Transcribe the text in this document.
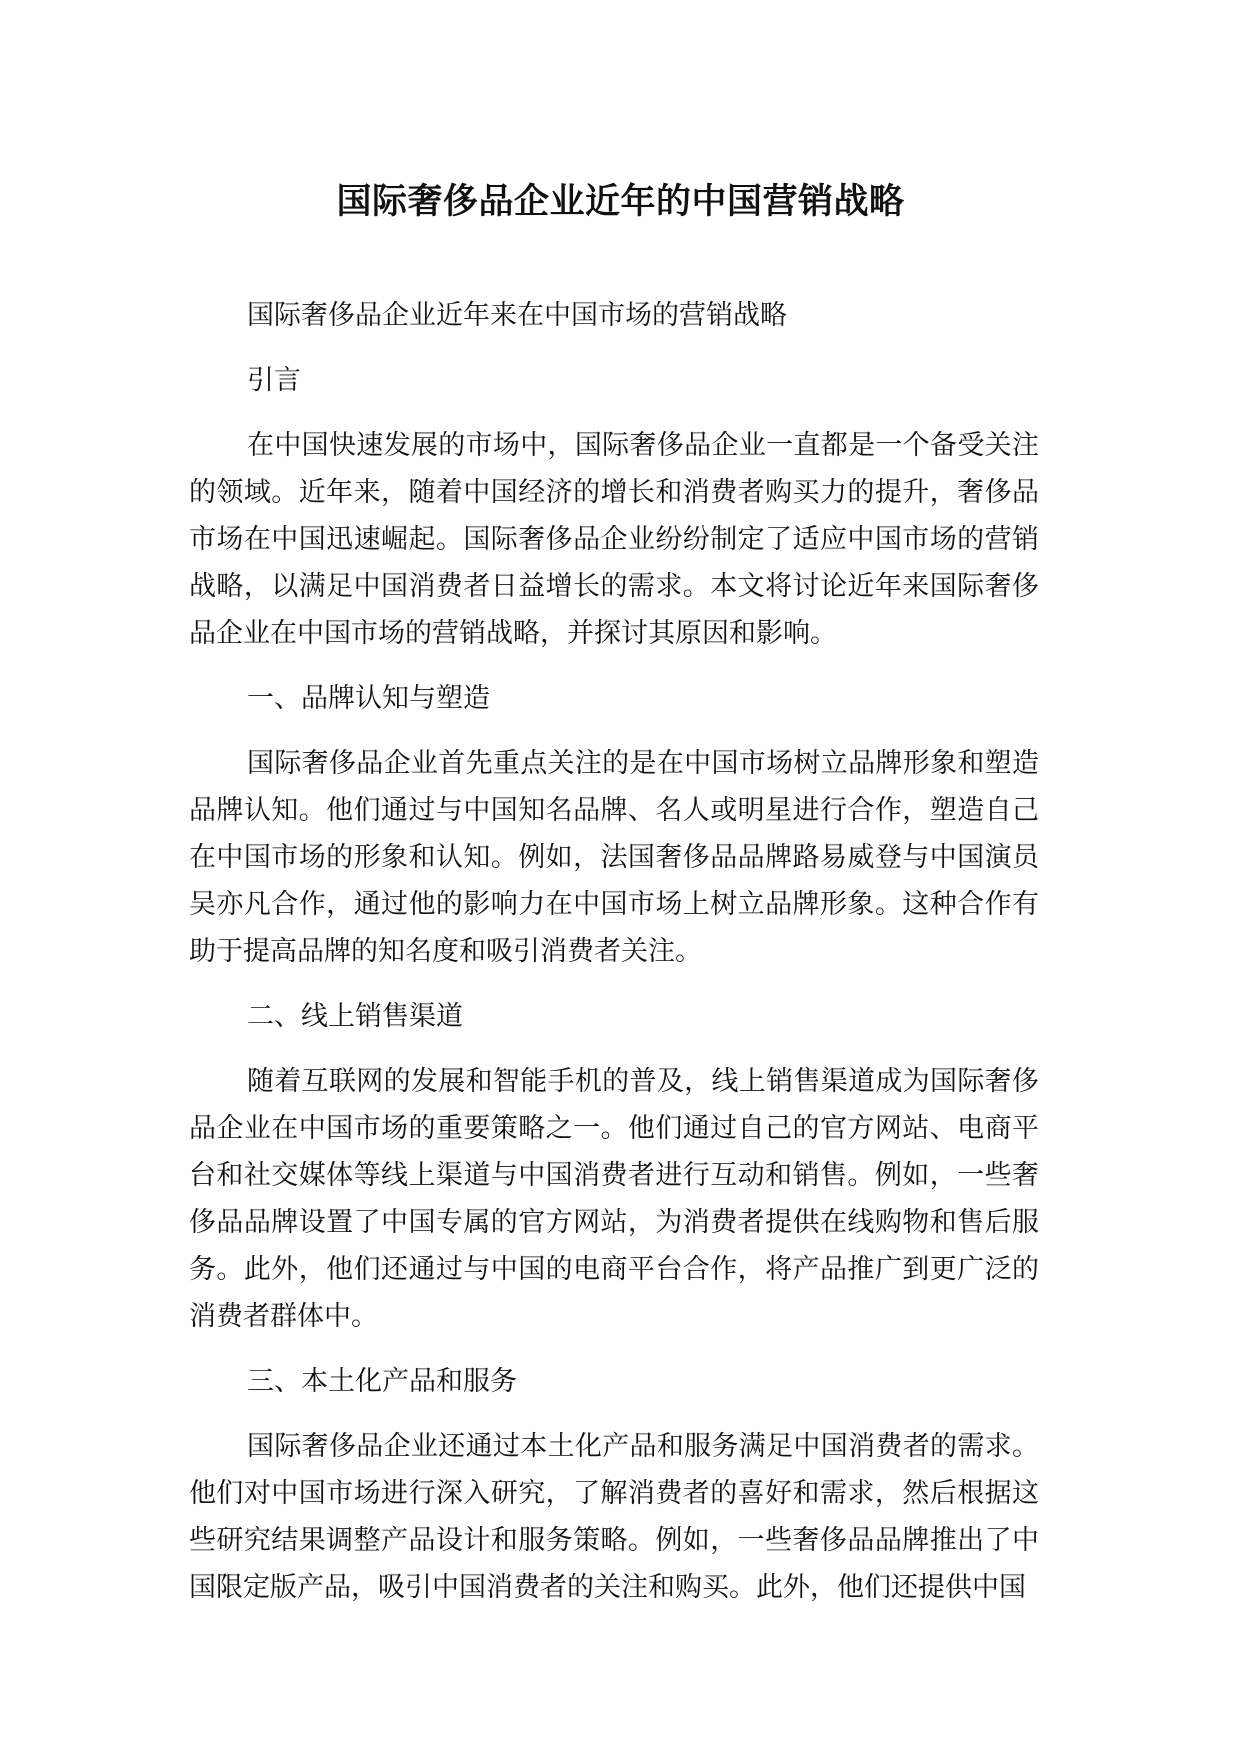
国际奢侈品企业近年的中国营销战略

国际奢侈品企业近年来在中国市场的营销战略

引言

在中国快速发展的市场中，国际奢侈品企业一直都是一个备受关注的领域。近年来，随着中国经济的增长和消费者购买力的提升，奢侈品市场在中国迅速崛起。国际奢侈品企业纷纷制定了适应中国市场的营销战略，以满足中国消费者日益增长的需求。本文将讨论近年来国际奢侈品企业在中国市场的营销战略，并探讨其原因和影响。

一、品牌认知与塑造

国际奢侈品企业首先重点关注的是在中国市场树立品牌形象和塑造品牌认知。他们通过与中国知名品牌、名人或明星进行合作，塑造自己在中国市场的形象和认知。例如，法国奢侈品品牌路易威登与中国演员吴亦凡合作，通过他的影响力在中国市场上树立品牌形象。这种合作有助于提高品牌的知名度和吸引消费者关注。

二、线上销售渠道

随着互联网的发展和智能手机的普及，线上销售渠道成为国际奢侈品企业在中国市场的重要策略之一。他们通过自己的官方网站、电商平台和社交媒体等线上渠道与中国消费者进行互动和销售。例如，一些奢侈品品牌设置了中国专属的官方网站，为消费者提供在线购物和售后服务。此外，他们还通过与中国的电商平台合作，将产品推广到更广泛的消费者群体中。

三、本土化产品和服务

国际奢侈品企业还通过本土化产品和服务满足中国消费者的需求。他们对中国市场进行深入研究，了解消费者的喜好和需求，然后根据这些研究结果调整产品设计和服务策略。例如，一些奢侈品品牌推出了中国限定版产品，吸引中国消费者的关注和购买。此外，他们还提供中国
